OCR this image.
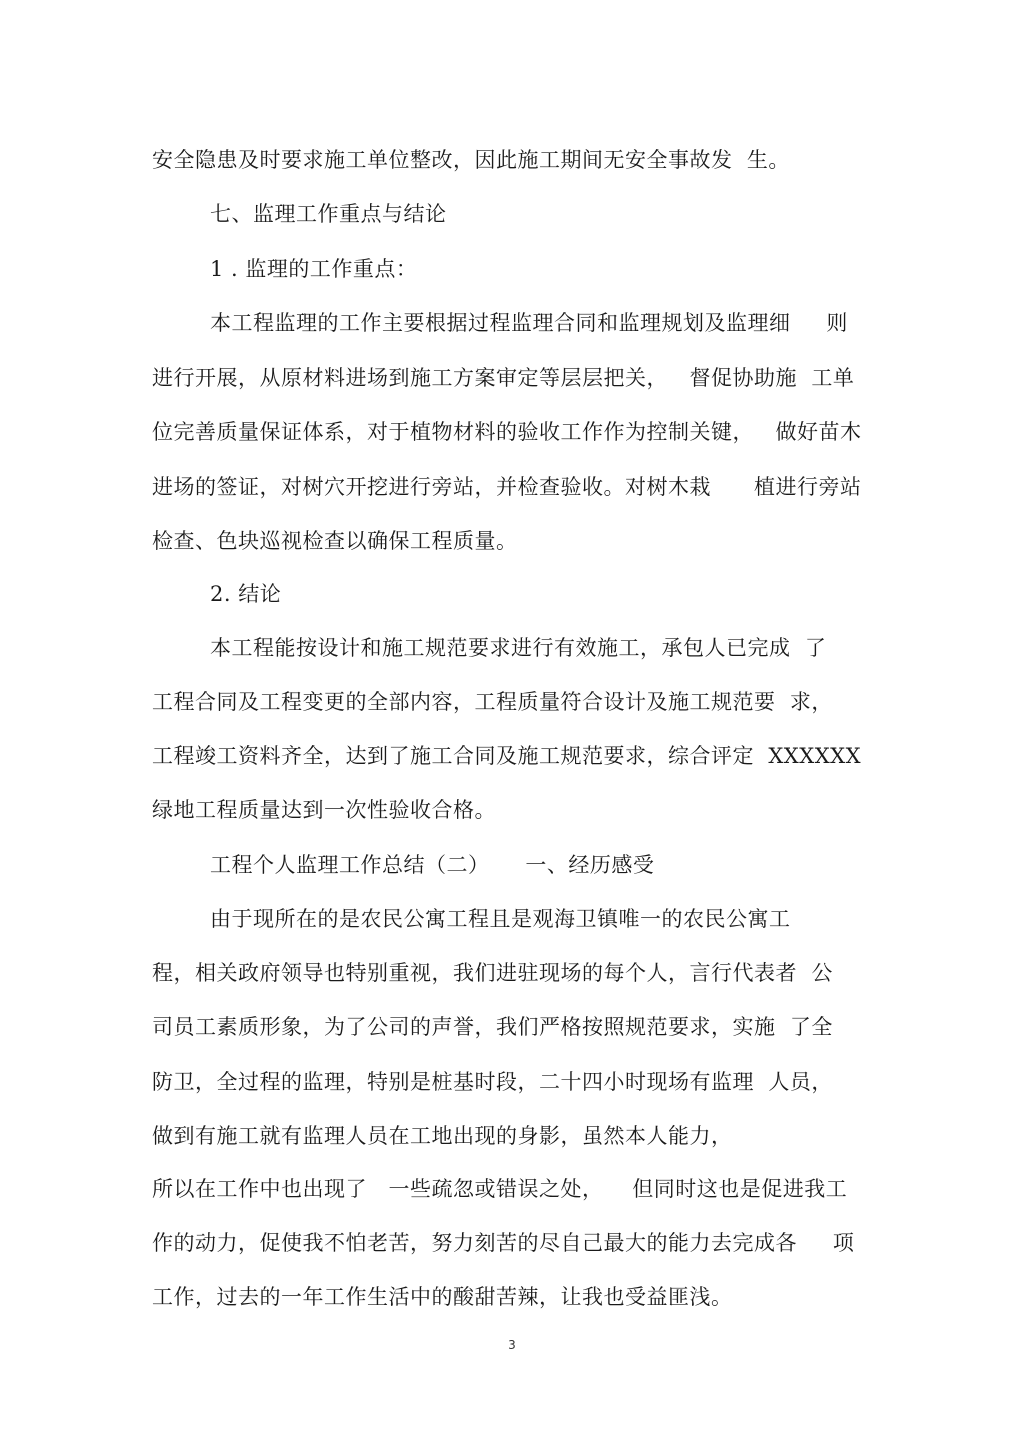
安全隐患及时要求施工单位整改，因此施工期间无安全事故发  生。
七、监理工作重点与结论
1 . 监理的工作重点：
本工程监理的工作主要根据过程监理合同和监理规划及监理细     则
进行开展，从原材料进场到施工方案审定等层层把关，   督促协助施  工单
位完善质量保证体系，对于植物材料的验收工作作为控制关键，   做好苗木
进场的签证，对树穴开挖进行旁站，并检查验收。对树木栽      植进行旁站
检查、色块巡视检查以确保工程质量。
2. 结论
本工程能按设计和施工规范要求进行有效施工，承包人已完成  了
工程合同及工程变更的全部内容，工程质量符合设计及施工规范要  求，
工程竣工资料齐全，达到了施工合同及施工规范要求，综合评定  XXXXXX
绿地工程质量达到一次性验收合格。
工程个人监理工作总结（二）     一、经历感受
由于现所在的是农民公寓工程且是观海卫镇唯一的农民公寓工
程，相关政府领导也特别重视，我们进驻现场的每个人，言行代表者  公
司员工素质形象，为了公司的声誉，我们严格按照规范要求，实施  了全
防卫，全过程的监理，特别是桩基时段，二十四小时现场有监理  人员，
做到有施工就有监理人员在工地出现的身影，虽然本人能力，
所以在工作中也出现了   一些疏忽或错误之处，    但同时这也是促进我工
作的动力，促使我不怕老苦，努力刻苦的尽自己最大的能力去完成各     项
工作，过去的一年工作生活中的酸甜苦辣，让我也受益匪浅。
3
